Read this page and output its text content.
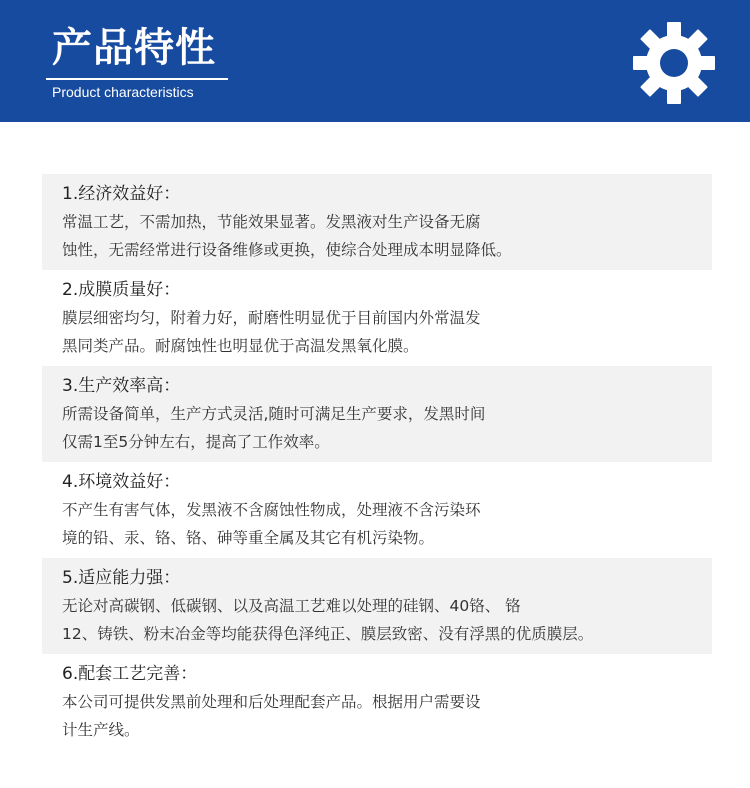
产品特性
Product characteristics
1.经济效益好：
常温工艺，不需加热，节能效果显著。发黑液对生产设备无腐
蚀性，无需经常进行设备维修或更换，使综合处理成本明显降低。
2.成膜质量好：
膜层细密均匀，附着力好，耐磨性明显优于目前国内外常温发
黑同类产品。耐腐蚀性也明显优于高温发黑氧化膜。
3.生产效率高：
所需设备简单，生产方式灵活,随时可满足生产要求，发黑时间
仅需1至5分钟左右，提高了工作效率。
4.环境效益好：
不产生有害气体，发黑液不含腐蚀性物成，处理液不含污染环
境的铅、汞、铬、铬、砷等重全属及其它有机污染物。
5.适应能力强：
无论对高碳钢、低碳钢、以及高温工艺难以处理的硅钢、40铬、 铬
12、铸铁、粉末冶金等均能获得色泽纯正、膜层致密、没有浮黑的优质膜层。
6.配套工艺完善：
本公司可提供发黑前处理和后处理配套产品。根据用户需要设
计生产线。
